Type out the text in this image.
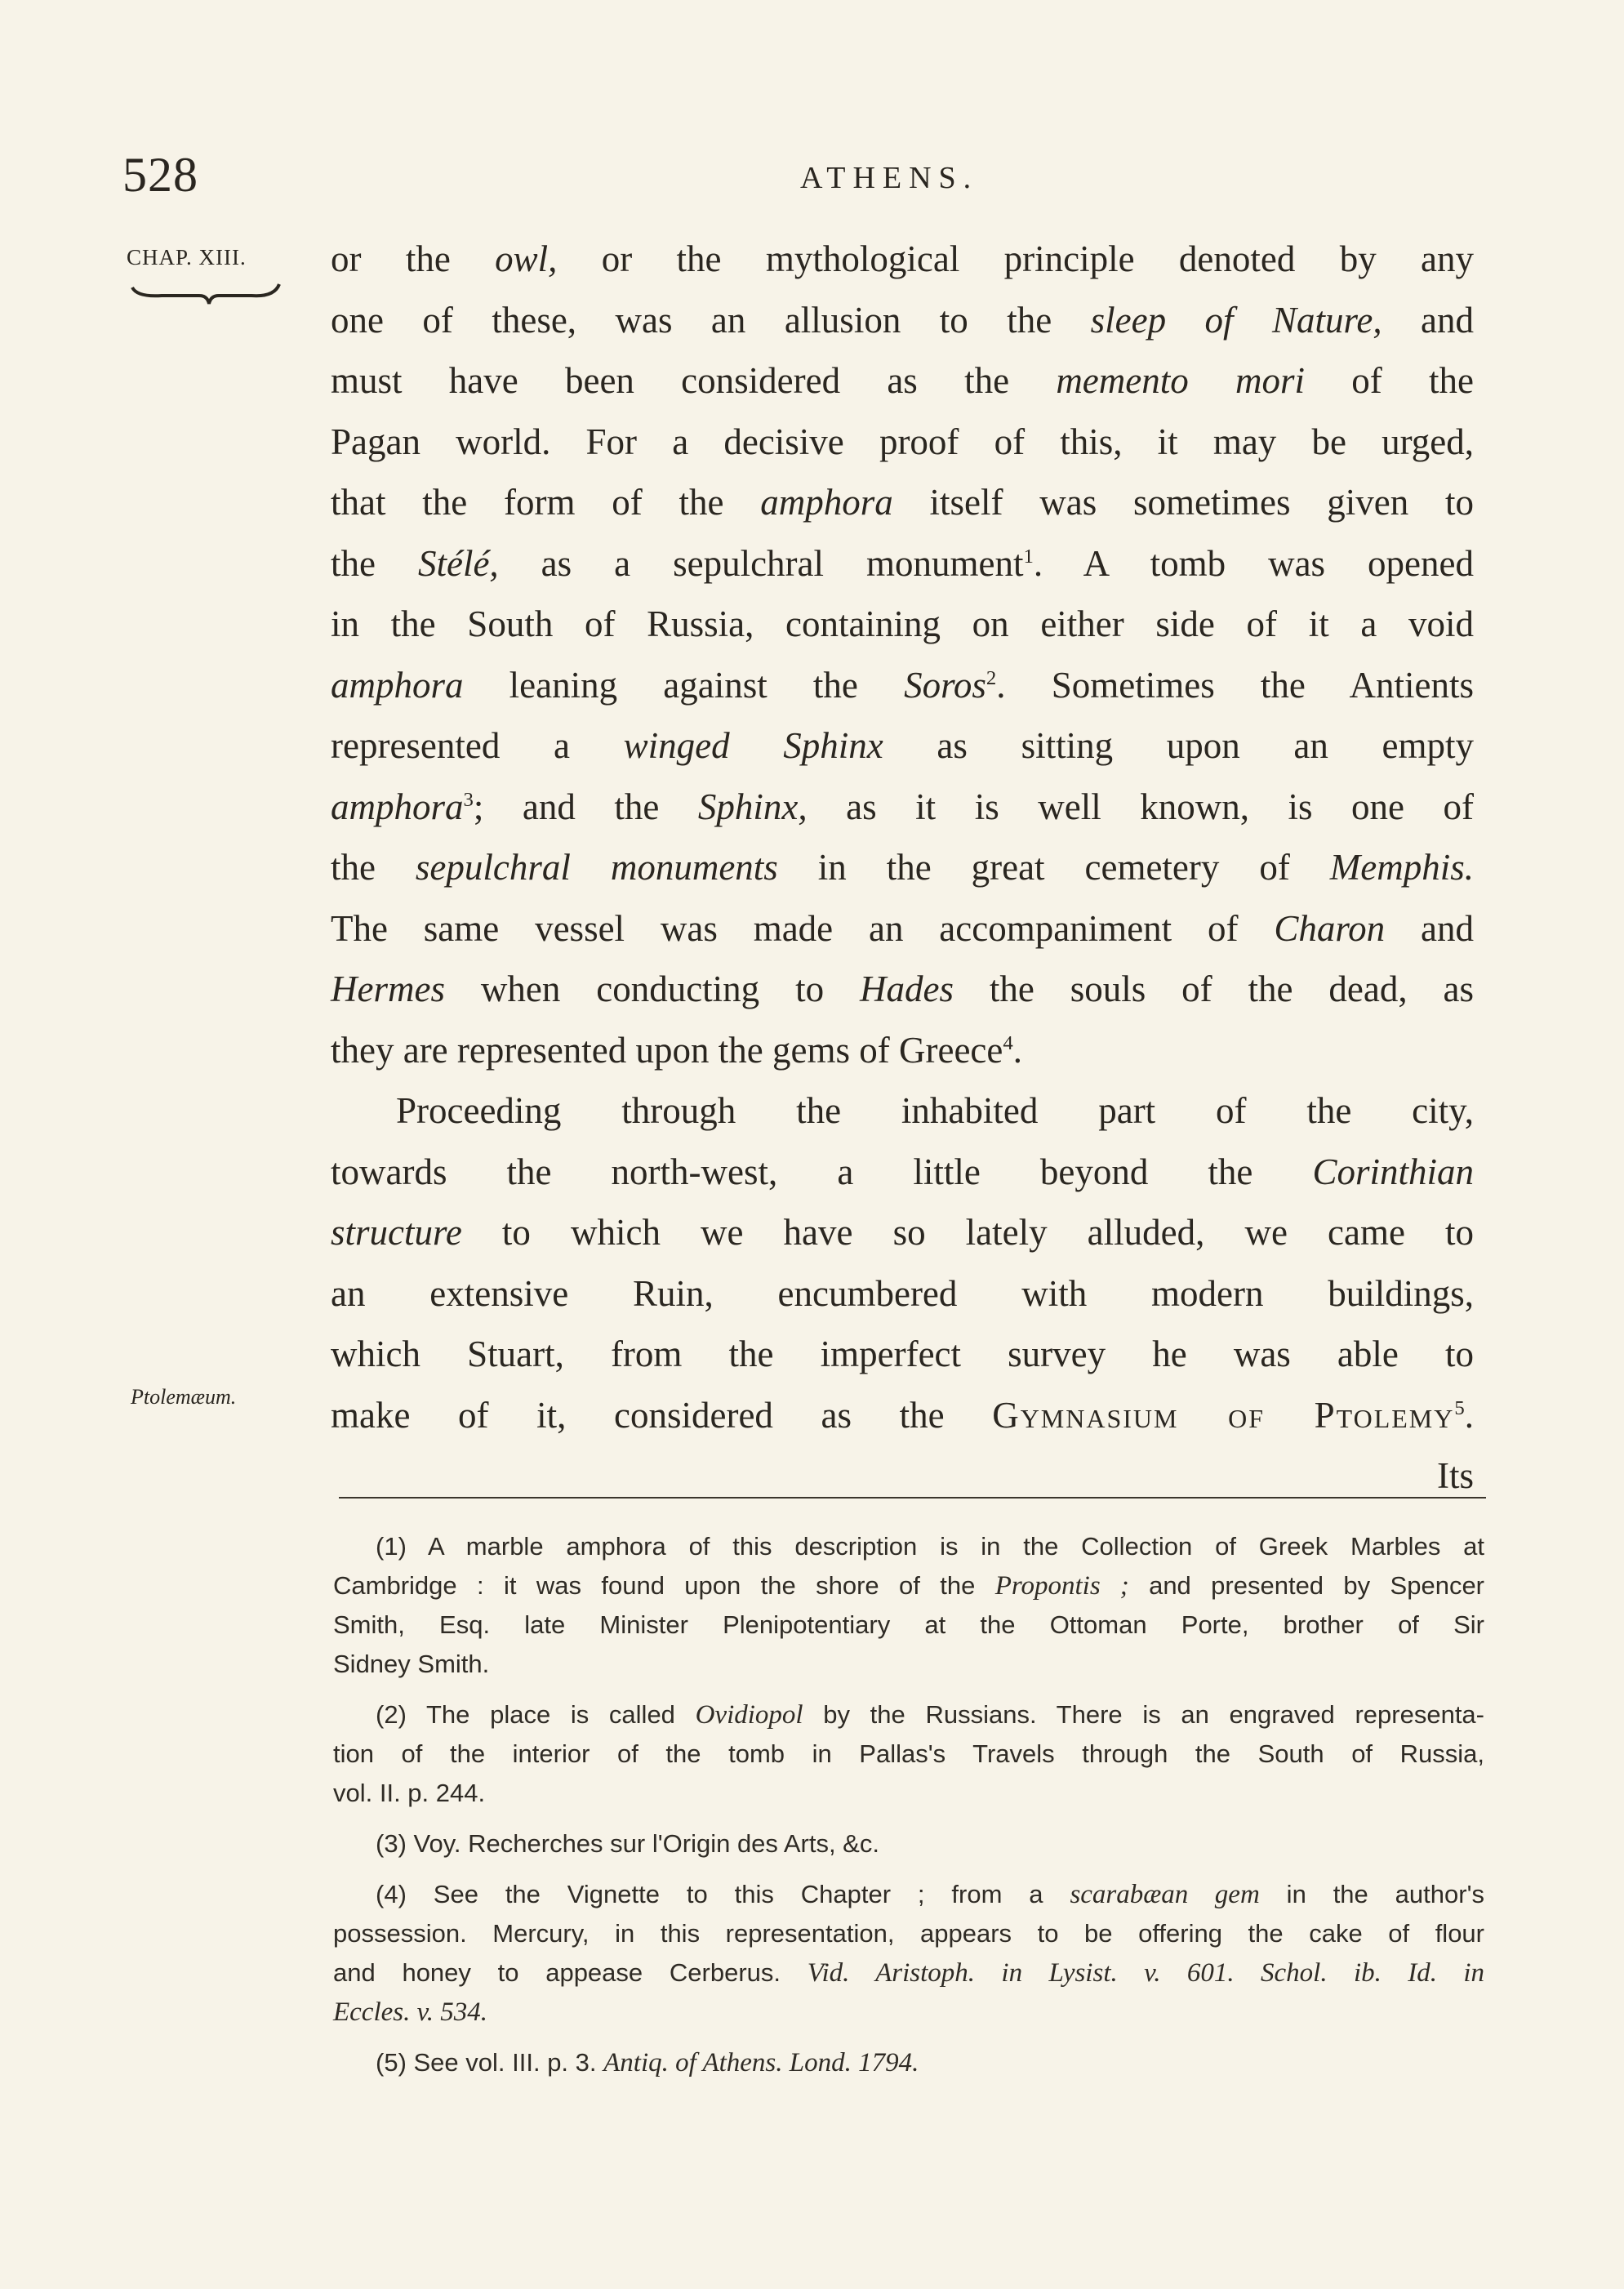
528	ATHENS.
CHAP. XIII.
Ptolemæum.
or the owl, or the mythological principle denoted by any
one of these, was an allusion to the sleep of Nature, and
must have been considered as the memento mori of the
Pagan world. For a decisive proof of this, it may be urged,
that the form of the amphora itself was sometimes given to
the Stélé, as a sepulchral monument$^1$. A tomb was opened
in the South of Russia, containing on either side of it a void
amphora leaning against the Soros$^2$. Sometimes the Antients
represented a winged Sphinx as sitting upon an empty
amphora$^3$; and the Sphinx, as it is well known, is one of
the sepulchral monuments in the great cemetery of Memphis.
The same vessel was made an accompaniment of Charon and
Hermes when conducting to Hades the souls of the dead, as
they are represented upon the gems of Greece$^4$.
Proceeding through the inhabited part of the city,
towards the north-west, a little beyond the Corinthian
structure to which we have so lately alluded, we came to
an extensive Ruin, encumbered with modern buildings,
which Stuart, from the imperfect survey he was able to
make of it, considered as the Gymnasium of Ptolemy$^5$.
Its
(1) A marble amphora of this description is in the Collection of Greek Marbles at
Cambridge : it was found upon the shore of the Propontis ; and presented by Spencer
Smith, Esq. late Minister Plenipotentiary at the Ottoman Porte, brother of Sir
Sidney Smith.
(2) The place is called Ovidiopol by the Russians. There is an engraved representa-
tion of the interior of the tomb in Pallas's Travels through the South of Russia,
vol. II. p. 244.
(3) Voy. Recherches sur l'Origin des Arts, &c.
(4) See the Vignette to this Chapter ; from a scarabæan gem in the author's
possession. Mercury, in this representation, appears to be offering the cake of flour
and honey to appease Cerberus. Vid. Aristoph. in Lysist. v. 601. Schol. ib. Id. in
Eccles. v. 534.
(5) See vol. III. p. 3. Antiq. of Athens. Lond. 1794.
